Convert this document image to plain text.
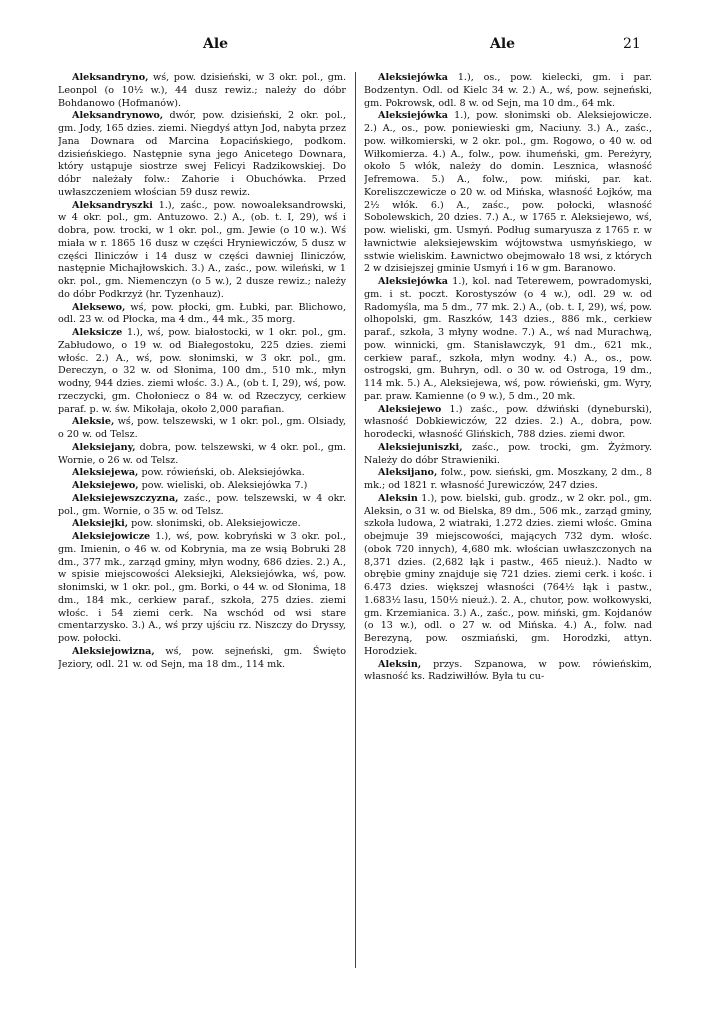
Ale	Ale	21

Aleksandryno, wś, pow. dzisieński, w 3 okr. pol., gm. Leonpol (o 10½ w.), 44 dusz rewiz.; należy do dóbr Bohdanowo (Hofmanów).

Aleksandrynowo, dwór, pow. dzisieński, 2 okr. pol., gm. Jody, 165 dzies. ziemi. Niegdyś attyn Jod, nabyta przez Jana Downara od Marcina Łopacińskiego, podkom. dzisieńskiego. Następnie syna jego Anicetego Downara, który ustąpuje siostrze swej Felicyi Radzikowskiej. Do dóbr należały folw.: Zahorie i Obuchówka. Przed uwłaszczeniem włościan 59 dusz rewiz.

Aleksandryszki 1.), zaśc., pow. nowoaleksandrowski, w 4 okr. pol., gm. Antuzowo. 2.) A., (ob. t. I, 29), wś i dobra, pow. trocki, w 1 okr. pol., gm. Jewie (o 10 w.). Wś miała w r. 1865 16 dusz w części Hryniewiczów, 5 dusz w części Iliniczów i 14 dusz w części dawniej Iliniczów, następnie Michajłowskich. 3.) A., zaśc., pow. wileński, w 1 okr. pol., gm. Niemenczyn (o 5 w.), 2 dusze rewiz.; należy do dóbr Podkrzyż (hr. Tyzenhauz).

Aleksewo, wś, pow. płocki, gm. Łubki, par. Blichowo, odl. 23 w. od Płocka, ma 4 dm., 44 mk., 35 morg.

Aleksicze 1.), wś, pow. białostocki, w 1 okr. pol., gm. Zabłudowo, o 19 w. od Białegostoku, 225 dzies. ziemi włośc. 2.) A., wś, pow. słonimski, w 3 okr. pol., gm. Dereczyn, o 32 w. od Słonima, 100 dm., 510 mk., młyn wodny, 944 dzies. ziemi włośc. 3.) A., (ob t. I, 29), wś, pow. rzeczycki, gm. Chołoniecz o 84 w. od Rzeczycy, cerkiew paraf. p. w. św. Mikołaja, około 2,000 parafian.

Aleksie, wś, pow. telszewski, w 1 okr. pol., gm. Olsiady, o 20 w. od Telsz.

Aleksiejany, dobra, pow. telszewski, w 4 okr. pol., gm. Wornie, o 26 w. od Telsz.

Aleksiejewa, pow. rówieński, ob. Aleksiejówka.

Aleksiejewo, pow. wieliski, ob. Aleksiejówka 7.)

Aleksiejewszczyzna, zaśc., pow. telszewski, w 4 okr. pol., gm. Wornie, o 35 w. od Telsz.

Aleksiejki, pow. słonimski, ob. Aleksiejowicze.

Aleksiejowicze 1.), wś, pow. kobryński w 3 okr. pol., gm. Imienin, o 46 w. od Kobrynia, ma ze wsią Bobruki 28 dm., 377 mk., zarząd gminy, młyn wodny, 686 dzies. 2.) A., w spisie miejscowości Aleksiejki, Aleksiejówka, wś, pow. słonimski, w 1 okr. pol., gm. Borki, o 44 w. od Słonima, 18 dm., 184 mk., cerkiew paraf., szkoła, 275 dzies. ziemi włośc. i 54 ziemi cerk. Na wschód od wsi stare cmentarzysko. 3.) A., wś przy ujściu rz. Niszczy do Dryssy, pow. połocki.

Aleksiejowizna, wś, pow. sejneński, gm. Święto Jeziory, odl. 21 w. od Sejn, ma 18 dm., 114 mk.

Aleksiejówka 1.), os., pow. kielecki, gm. i par. Bodzentyn. Odl. od Kielc 34 w. 2.) A., wś, pow. sejneński, gm. Pokrowsk, odl. 8 w. od Sejn, ma 10 dm., 64 mk.

Aleksiejówka 1.), pow. słonimski ob. Aleksiejowicze. 2.) A., os., pow. poniewieski gm, Naciuny. 3.) A., zaśc., pow. wiłkomierski, w 2 okr. pol., gm. Rogowo, o 40 w. od Wiłkomierza. 4.) A., folw., pow. ihumeński, gm. Pereżyry, około 5 włók, należy do domin. Lesznica, własność Jefremowa. 5.) A., folw., pow. miński, par. kat. Koreliszczewicze o 20 w. od Mińska, własność Łojków, ma 2½ włók. 6.) A., zaśc., pow. połocki, własność Sobolewskich, 20 dzies. 7.) A., w 1765 r. Aleksiejewo, wś, pow. wieliski, gm. Usmyń. Podług sumaryusza z 1765 r. w ławnictwie aleksiejewskim wójtowstwa usmyńskiego, w sstwie wieliskim. Ławnictwo obejmowało 18 wsi, z których 2 w dzisiejszej gminie Usmyń i 16 w gm. Baranowo.

Aleksiejówka 1.), kol. nad Teterewem, powradomyski, gm. i st. poczt. Korostyszów (o 4 w.), odl. 29 w. od Radomyśla, ma 5 dm., 77 mk. 2.) A., (ob. t. I, 29), wś, pow. olhopolski, gm. Raszków, 143 dzies., 886 mk., cerkiew paraf., szkoła, 3 młyny wodne. 7.) A., wś nad Murachwą, pow. winnicki, gm. Stanisławczyk, 91 dm., 621 mk., cerkiew paraf., szkoła, młyn wodny. 4.) A., os., pow. ostrogski, gm. Buhryn, odl. o 30 w. od Ostroga, 19 dm., 114 mk. 5.) A., Aleksiejewa, wś, pow. rówieński, gm. Wyry, par. praw. Kamienne (o 9 w.), 5 dm., 20 mk.

Aleksiejewo 1.) zaśc., pow. dźwiński (dyneburski), własność Dobkiewiczów, 22 dzies. 2.) A., dobra, pow. horodecki, własność Glińskich, 788 dzies. ziemi dwor.

Aleksiejuniszki, zaśc., pow. trocki, gm. Żyżmory. Należy do dóbr Strawieniki.

Aleksijano, folw., pow. sieński, gm. Moszkany, 2 dm., 8 mk.; od 1821 r. własność Jurewiczów, 247 dzies.

Aleksin 1.), pow. bielski, gub. grodz., w 2 okr. pol., gm. Aleksin, o 31 w. od Bielska, 89 dm., 506 mk., zarząd gminy, szkoła ludowa, 2 wiatraki, 1.272 dzies. ziemi włośc. Gmina obejmuje 39 miejscowości, mających 732 dym. włośc. (obok 720 innych), 4,680 mk. włościan uwłaszczonych na 8,371 dzies. (2,682 łąk i pastw., 465 nieuż.). Nadto w obrębie gminy znajduje się 721 dzies. ziemi cerk. i kośc. i 6.473 dzies. większej własności (764½ łąk i pastw., 1.683½ lasu, 150½ nieuż.). 2. A., chutor, pow. wołkowyski, gm. Krzemianica. 3.) A., zaśc., pow. miński, gm. Kojdanów (o 13 w.), odl. o 27 w. od Mińska. 4.) A., folw. nad Berezyną, pow. oszmiański, gm. Horodzki, attyn. Horodziek.

Aleksin, przys. Szpanowa, w pow. rówieńskim, własność ks. Radziwiłłów. Była tu cu-
